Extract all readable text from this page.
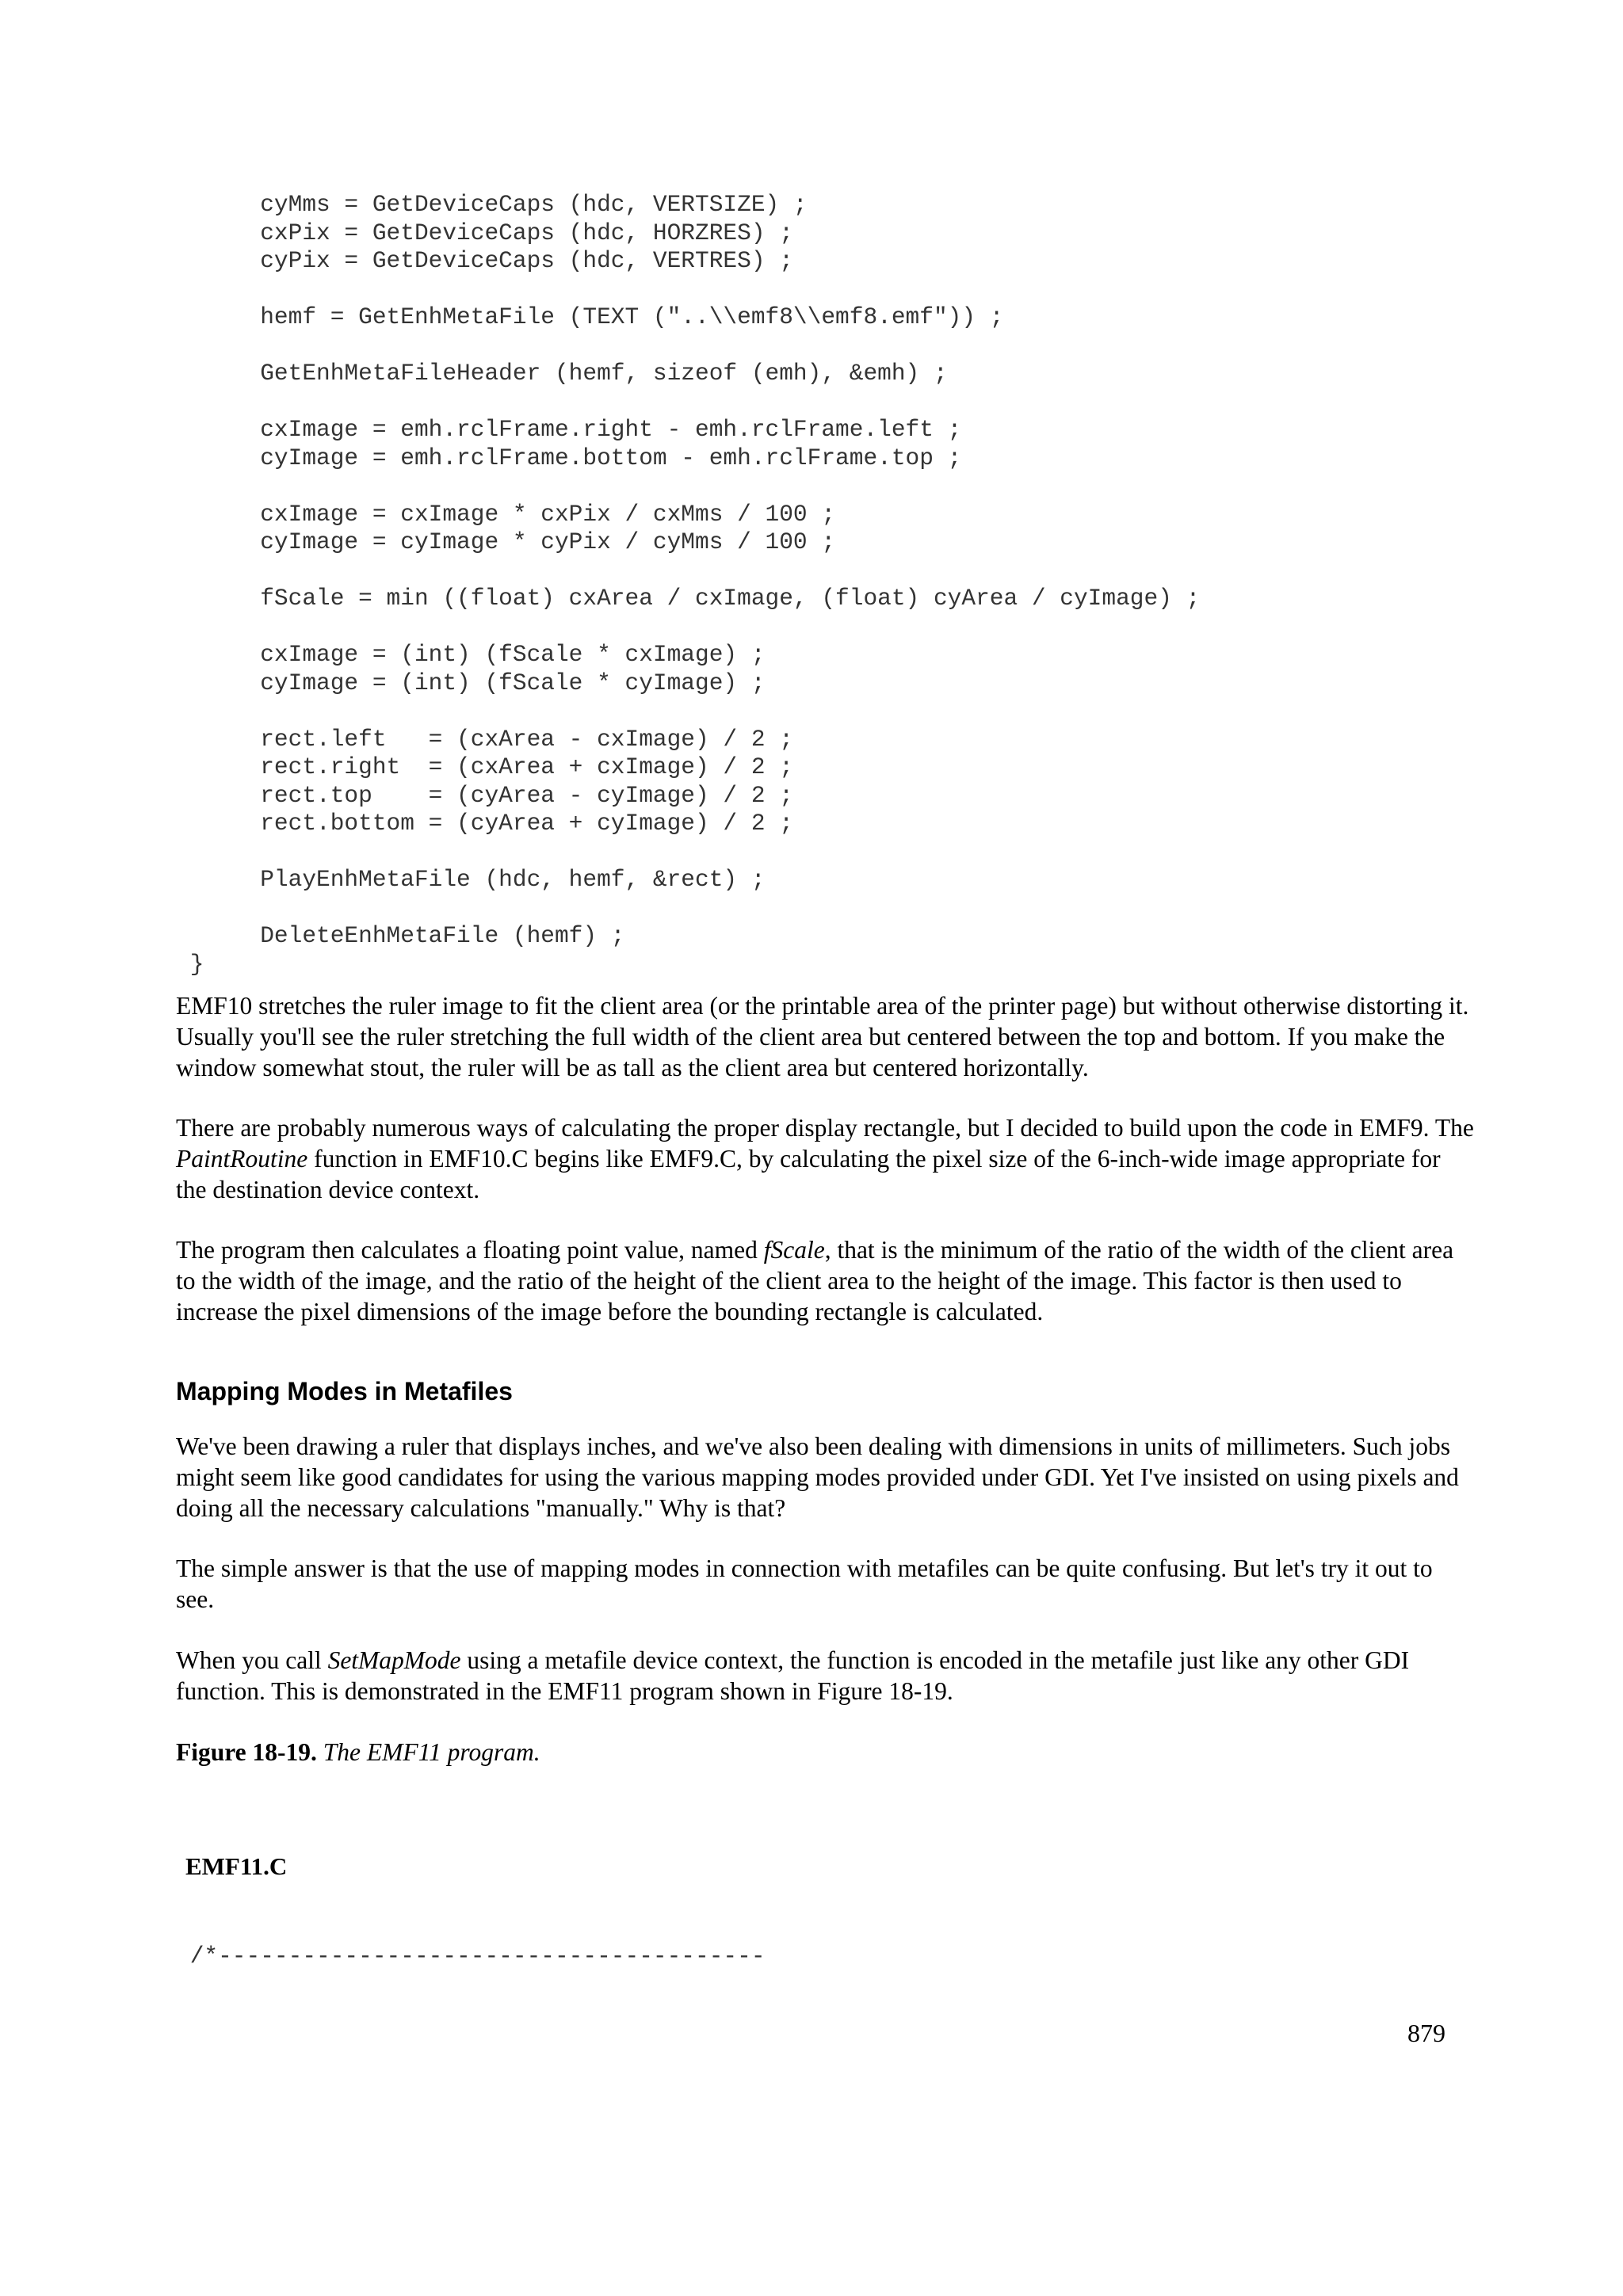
cyMms = GetDeviceCaps (hdc, VERTSIZE) ;
cxPix = GetDeviceCaps (hdc, HORZRES) ;
cyPix = GetDeviceCaps (hdc, VERTRES) ;

hemf = GetEnhMetaFile (TEXT ("..\\emf8\\emf8.emf")) ;

GetEnhMetaFileHeader (hemf, sizeof (emh), &emh) ;

cxImage = emh.rclFrame.right - emh.rclFrame.left ;
cyImage = emh.rclFrame.bottom - emh.rclFrame.top ;

cxImage = cxImage * cxPix / cxMms / 100 ;
cyImage = cyImage * cyPix / cyMms / 100 ;

fScale = min ((float) cxArea / cxImage, (float) cyArea / cyImage) ;

cxImage = (int) (fScale * cxImage) ;
cyImage = (int) (fScale * cyImage) ;

rect.left   = (cxArea - cxImage) / 2 ;
rect.right  = (cxArea + cxImage) / 2 ;
rect.top    = (cyArea - cyImage) / 2 ;
rect.bottom = (cyArea + cyImage) / 2 ;

PlayEnhMetaFile (hdc, hemf, &rect) ;

DeleteEnhMetaFile (hemf) ;
}

EMF10 stretches the ruler image to fit the client area (or the printable area of the printer page) but without otherwise distorting it. Usually you'll see the ruler stretching the full width of the client area but centered between the top and bottom. If you make the window somewhat stout, the ruler will be as tall as the client area but centered horizontally.

There are probably numerous ways of calculating the proper display rectangle, but I decided to build upon the code in EMF9. The PaintRoutine function in EMF10.C begins like EMF9.C, by calculating the pixel size of the 6-inch-wide image appropriate for the destination device context.

The program then calculates a floating point value, named fScale, that is the minimum of the ratio of the width of the client area to the width of the image, and the ratio of the height of the client area to the height of the image. This factor is then used to increase the pixel dimensions of the image before the bounding rectangle is calculated.

Mapping Modes in Metafiles

We've been drawing a ruler that displays inches, and we've also been dealing with dimensions in units of millimeters. Such jobs might seem like good candidates for using the various mapping modes provided under GDI. Yet I've insisted on using pixels and doing all the necessary calculations "manually." Why is that?

The simple answer is that the use of mapping modes in connection with metafiles can be quite confusing. But let's try it out to see.

When you call SetMapMode using a metafile device context, the function is encoded in the metafile just like any other GDI function. This is demonstrated in the EMF11 program shown in Figure 18-19.

Figure 18-19. The EMF11 program.

EMF11.C

/*---------------------------------------

879
